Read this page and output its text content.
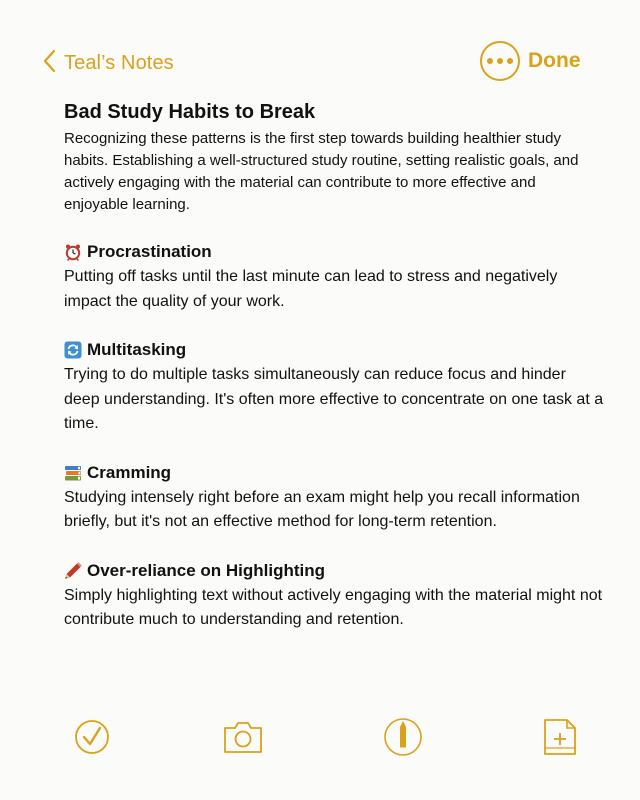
Teal’s Notes	Done
Bad Study Habits to Break
Recognizing these patterns is the first step towards building healthier study habits. Establishing a well-structured study routine, setting realistic goals, and actively engaging with the material can contribute to more effective and enjoyable learning.
Procrastination
Putting off tasks until the last minute can lead to stress and negatively impact the quality of your work.
Multitasking
Trying to do multiple tasks simultaneously can reduce focus and hinder deep understanding. It's often more effective to concentrate on one task at a time.
Cramming
Studying intensely right before an exam might help you recall information briefly, but it's not an effective method for long-term retention.
Over-reliance on Highlighting
Simply highlighting text without actively engaging with the material might not contribute much to understanding and retention.
